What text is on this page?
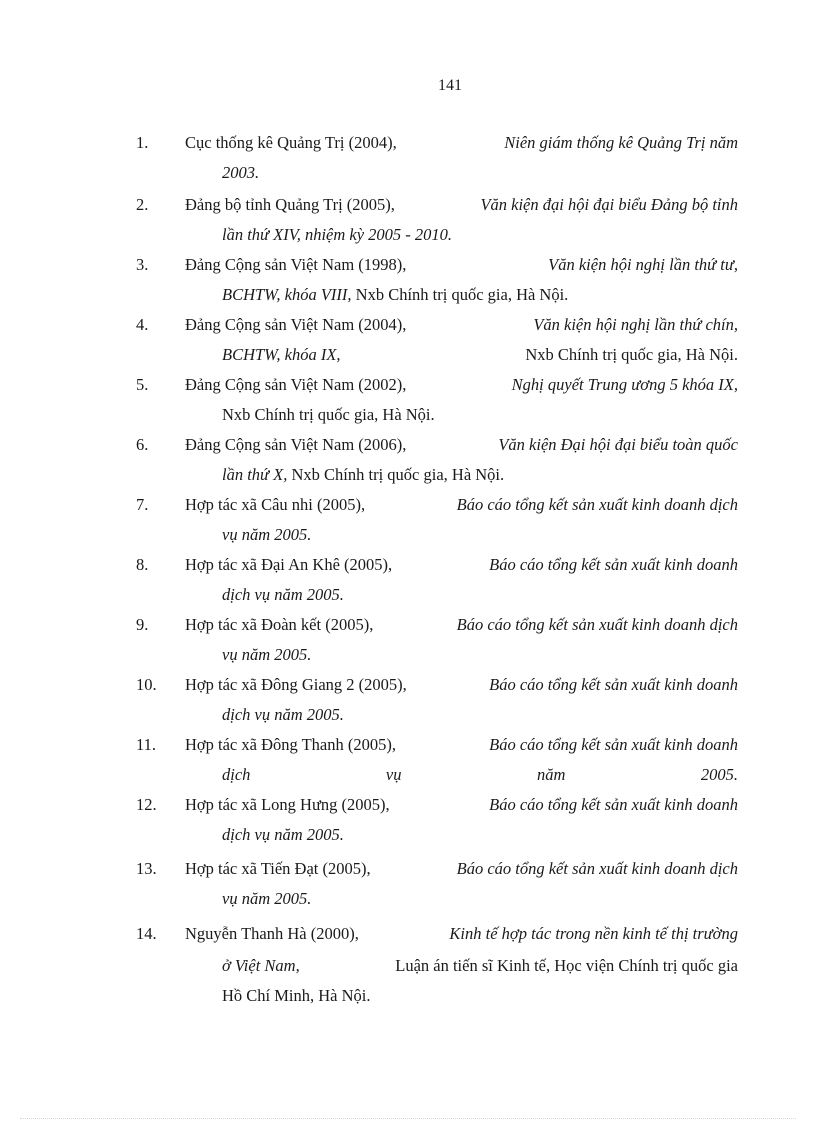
141
1. Cục thống kê Quảng Trị (2004),	Niên giám thống kê Quảng Trị năm
2003.
2. Đảng bộ tỉnh Quảng Trị (2005),	Văn kiện đại hội đại biểu Đảng bộ tỉnh
lần thứ XIV, nhiệm kỳ 2005 - 2010.
3. Đảng Cộng sản Việt Nam (1998),	Văn kiện hội nghị lần thứ tư,
BCHTW, khóa VIII, Nxb Chính trị quốc gia, Hà Nội.
4. Đảng Cộng sản Việt Nam (2004),	Văn kiện hội nghị lần thứ chín,
BCHTW, khóa IX,	Nxb Chính trị quốc gia, Hà Nội.
5. Đảng Cộng sản Việt Nam (2002),	Nghị quyết Trung ương 5 khóa IX,
Nxb Chính trị quốc gia, Hà Nội.
6. Đảng Cộng sản Việt Nam (2006),	Văn kiện Đại hội đại biểu toàn quốc
lần thứ X, Nxb Chính trị quốc gia, Hà Nội.
7. Hợp tác xã Câu nhi (2005),	Báo cáo tổng kết sản xuất kinh doanh dịch
vụ năm 2005.
8. Hợp tác xã Đại An Khê (2005),	Báo cáo tổng kết sản xuất kinh doanh
dịch vụ năm 2005.
9. Hợp tác xã Đoàn kết (2005),	Báo cáo tổng kết sản xuất kinh doanh dịch
vụ năm 2005.
10. Hợp tác xã Đông Giang 2 (2005),	Báo cáo tổng kết sản xuất kinh doanh
dịch vụ năm 2005.
11. Hợp tác xã Đông Thanh (2005),	Báo cáo tổng kết sản xuất kinh doanh
dịch vụ năm 2005.
12. Hợp tác xã Long Hưng (2005),	Báo cáo tổng kết sản xuất kinh doanh
dịch vụ năm 2005.
13. Hợp tác xã Tiến Đạt (2005),	Báo cáo tổng kết sản xuất kinh doanh dịch
vụ năm 2005.
14. Nguyễn Thanh Hà (2000),	Kinh tế hợp tác trong nền kinh tế thị trường
ở Việt Nam,	Luận án tiến sĩ Kinh tế, Học viện Chính trị quốc gia
Hồ Chí Minh, Hà Nội.
